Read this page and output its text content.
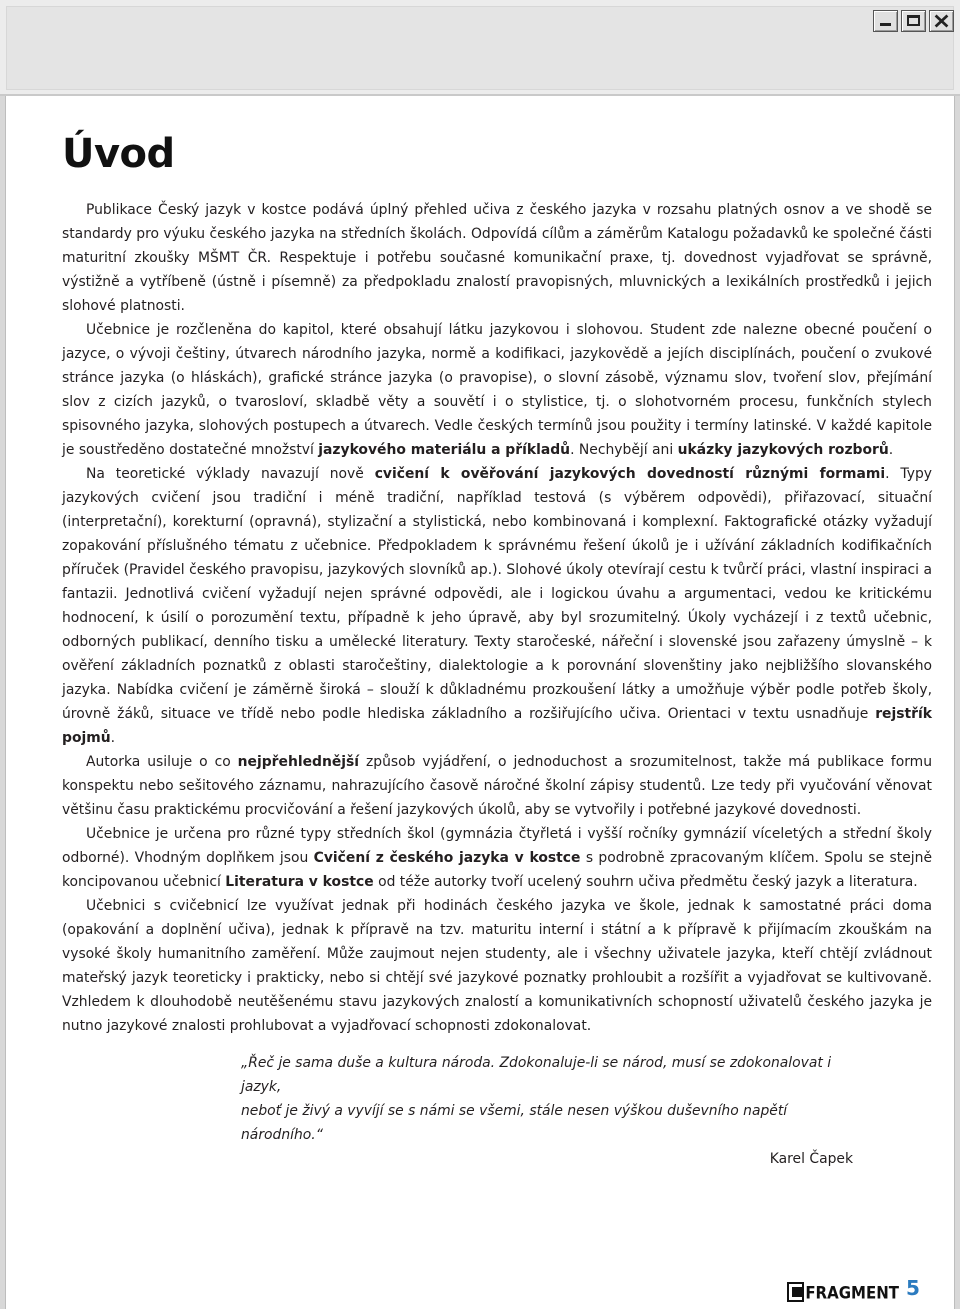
Úvod

Publikace Český jazyk v kostce podává úplný přehled učiva z českého jazyka v rozsahu platných osnov a ve shodě se standardy pro výuku českého jazyka na středních školách. Odpovídá cílům a záměrům Katalogu požadavků ke společné části maturitní zkoušky MŠMT ČR. Respektuje i potřebu současné komunikační praxe, tj. dovednost vyjadřovat se správně, výstižně a vytříbeně (ústně i písemně) za předpokladu znalostí pravopisných, mluvnických a lexikálních prostředků i jejich slohové platnosti.

Učebnice je rozčleněna do kapitol, které obsahují látku jazykovou i slohovou. Student zde nalezne obecné poučení o jazyce, o vývoji češtiny, útvarech národního jazyka, normě a kodifikaci, jazykovědě a jejích disciplínách, poučení o zvukové stránce jazyka (o hláskách), grafické stránce jazyka (o pravopise), o slovní zásobě, významu slov, tvoření slov, přejímání slov z cizích jazyků, o tvarosloví, skladbě věty a souvětí i o stylistice, tj. o slohotvorném procesu, funkčních stylech spisovného jazyka, slohových postupech a útvarech. Vedle českých termínů jsou použity i termíny latinské. V každé kapitole je soustředěno dostatečné množství jazykového materiálu a příkladů. Nechybějí ani ukázky jazykových rozborů.

Na teoretické výklady navazují nově cvičení k ověřování jazykových dovedností různými formami. Typy jazykových cvičení jsou tradiční i méně tradiční, například testová (s výběrem odpovědi), přiřazovací, situační (interpretační), korekturní (opravná), stylizační a stylistická, nebo kombinovaná i komplexní. Faktografické otázky vyžadují zopakování příslušného tématu z učebnice. Předpokladem k správnému řešení úkolů je i užívání základních kodifikačních příruček (Pravidel českého pravopisu, jazykových slovníků ap.). Slohové úkoly otevírají cestu k tvůrčí práci, vlastní inspiraci a fantazii. Jednotlivá cvičení vyžadují nejen správné odpovědi, ale i logickou úvahu a argumentaci, vedou ke kritickému hodnocení, k úsilí o porozumění textu, případně k jeho úpravě, aby byl srozumitelný. Úkoly vycházejí i z textů učebnic, odborných publikací, denního tisku a umělecké literatury. Texty staročeské, nářeční i slovenské jsou zařazeny úmyslně – k ověření základních poznatků z oblasti staročeštiny, dialektologie a k porovnání slovenštiny jako nejbližšího slovanského jazyka. Nabídka cvičení je záměrně široká – slouží k důkladnému prozkoušení látky a umožňuje výběr podle potřeb školy, úrovně žáků, situace ve třídě nebo podle hlediska základního a rozšiřujícího učiva. Orientaci v textu usnadňuje rejstřík pojmů.

Autorka usiluje o co nejpřehlednější způsob vyjádření, o jednoduchost a srozumitelnost, takže má publikace formu konspektu nebo sešitového záznamu, nahrazujícího časově náročné školní zápisy studentů. Lze tedy při vyučování věnovat většinu času praktickému procvičování a řešení jazykových úkolů, aby se vytvořily i potřebné jazykové dovednosti.

Učebnice je určena pro různé typy středních škol (gymnázia čtyřletá i vyšší ročníky gymnázií víceletých a střední školy odborné). Vhodným doplňkem jsou Cvičení z českého jazyka v kostce s podrobně zpracovaným klíčem. Spolu se stejně koncipovanou učebnicí Literatura v kostce od téže autorky tvoří ucelený souhrn učiva předmětu český jazyk a literatura.

Učebnici s cvičebnicí lze využívat jednak při hodinách českého jazyka ve škole, jednak k samostatné práci doma (opakování a doplnění učiva), jednak k přípravě na tzv. maturitu interní i státní a k přípravě k přijímacím zkouškám na vysoké školy humanitního zaměření. Může zaujmout nejen studenty, ale i všechny uživatele jazyka, kteří chtějí zvládnout mateřský jazyk teoreticky i prakticky, nebo si chtějí své jazykové poznatky prohloubit a rozšířit a vyjadřovat se kultivovaně. Vzhledem k dlouhodobě neutěšenému stavu jazykových znalostí a komunikativních schopností uživatelů českého jazyka je nutno jazykové znalosti prohlubovat a vyjadřovací schopnosti zdokonalovat.

„Řeč je sama duše a kultura národa. Zdokonaluje-li se národ, musí se zdokonalovat i jazyk,
neboť je živý a vyvíjí se s námi se všemi, stále nesen výškou duševního napětí národního.“
Karel Čapek
FRAGMENT 5
